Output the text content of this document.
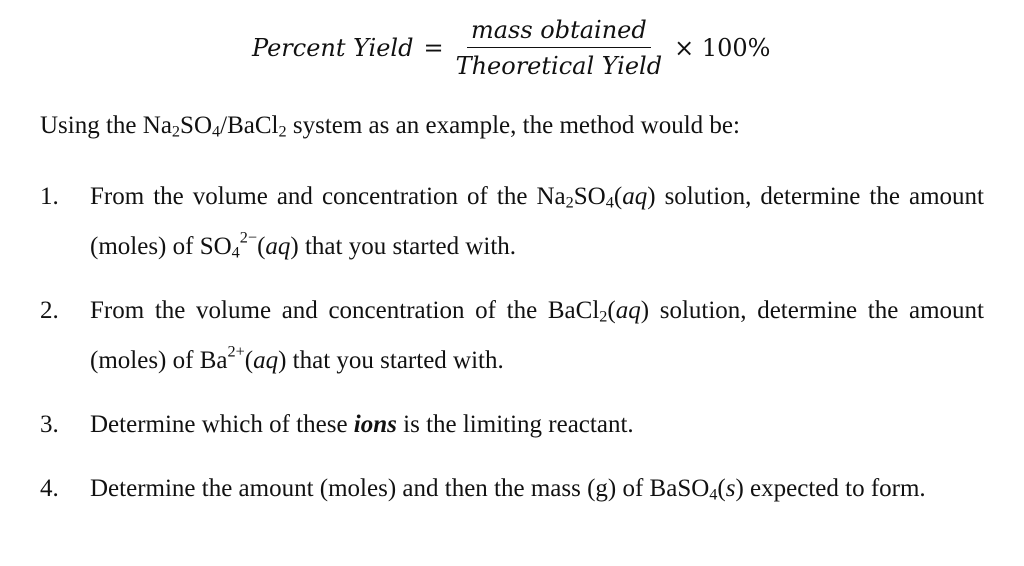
Percent Yield = $\frac{\text{mass obtained}}{\text{Theoretical Yield}} \times 100\%$
Using the $Na_2SO_4/BaCl_2$ system as an example, the method would be:
1.	From the volume and concentration of the $Na_2SO_4(aq)$ solution, determine the amount (moles) of $SO_4^{2-}(aq)$ that you started with.
2.	From the volume and concentration of the BaCl$_2$(aq) solution, determine the amount (moles) of $Ba^{2+}(aq)$ that you started with.
3.	Determine which of these ions is the limiting reactant.
4.	Determine the amount (moles) and then the mass (g) of BaSO$_4$(s) expected to form.
